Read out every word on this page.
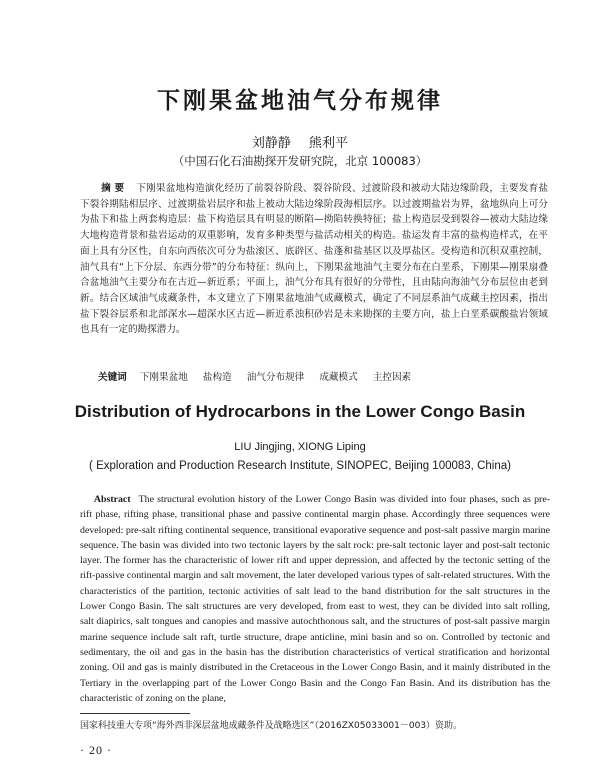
下刚果盆地油气分布规律
刘静静 熊利平
（中国石化石油勘探开发研究院，北京 100083）

摘 要 下刚果盆地构造演化经历了前裂谷阶段、裂谷阶段、过渡阶段和被动大陆边缘阶段，主要发育盐下裂谷期陆相层序、过渡期盐岩层序和盐上被动大陆边缘阶段海相层序。以过渡期盐岩为界，盆地纵向上可分为盐下和盐上两套构造层：盐下构造层具有明显的断陷—拗陷转换特征；盐上构造层受到裂谷—被动大陆边缘大地构造背景和盐岩运动的双重影响，发育多种类型与盐活动相关的构造。盐运发育丰富的盐构造样式，在平面上具有分区性，自东向西依次可分为盐滚区、底辟区、盐蓬和盐基区以及厚盐区。受构造和沉积双重控制，油气具有“上下分层、东西分带”的分布特征：纵向上，下刚果盆地油气主要分布在白垩系，下刚果—刚果扇叠合盆地油气主要分布在古近—新近系；平面上，油气分布具有很好的分带性，且由陆向海油气分布层位由老到新。结合区域油气成藏条件，本文建立了下刚果盆地油气成藏模式，确定了不同层系油气成藏主控因素，指出盐下裂谷层系和北部深水—超深水区古近—新近系浊积砂岩是未来勘探的主要方向，盐上白垩系碳酸盐岩领域也具有一定的勘探潜力。

关键词 下刚果盆地 盐构造 油气分布规律 成藏模式 主控因素

Distribution of Hydrocarbons in the Lower Congo Basin
LIU Jingjing, XIONG Liping
( Exploration and Production Research Institute, SINOPEC, Beijing 100083, China)

Abstract The structural evolution history of the Lower Congo Basin was divided into four phases, such as pre-rift phase, rifting phase, transitional phase and passive continental margin phase. Accordingly three sequences were developed: pre-salt rifting continental sequence, transitional evaporative sequence and post-salt passive margin marine sequence. The basin was divided into two tectonic layers by the salt rock: pre-salt tectonic layer and post-salt tectonic layer. The former has the characteristic of lower rift and upper depression, and affected by the tectonic setting of the rift-passive continental margin and salt movement, the later developed various types of salt-related structures. With the characteristics of the partition, tectonic activities of salt lead to the band distribution for the salt structures in the Lower Congo Basin. The salt structures are very developed, from east to west, they can be divided into salt rolling, salt diapirics, salt tongues and canopies and massive autochthonous salt, and the structures of post-salt passive margin marine sequence include salt raft, turtle structure, drape anticline, mini basin and so on. Controlled by tectonic and sedimentary, the oil and gas in the basin has the distribution characteristics of vertical stratification and horizontal zoning. Oil and gas is mainly distributed in the Cretaceous in the Lower Congo Basin, and it mainly distributed in the Tertiary in the overlapping part of the Lower Congo Basin and the Congo Fan Basin. And its distribution has the characteristic of zoning on the plane,

国家科技重大专项“海外西非深层盆地成藏条件及战略选区”（2016ZX05033001－003）资助。

· 20 ·
